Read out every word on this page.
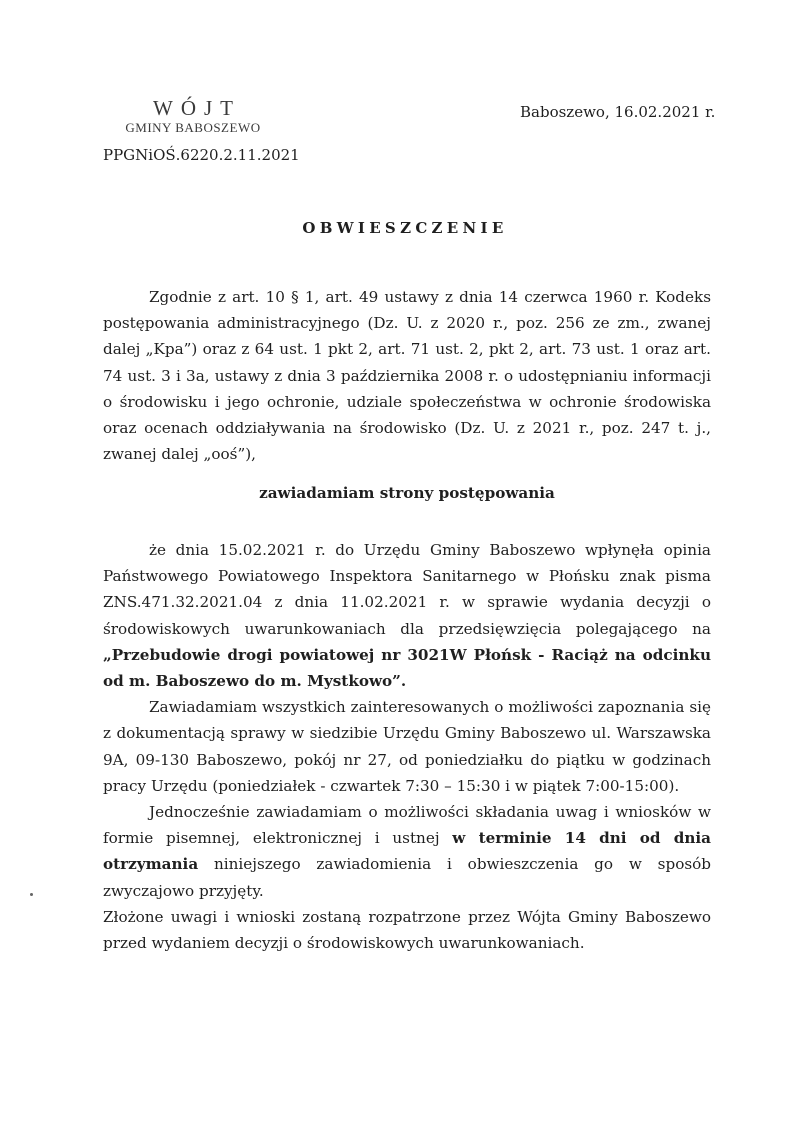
WÓJT
GMINY BABOSZEWO
Baboszewo, 16.02.2021 r.
PPGNiOŚ.6220.2.11.2021
OBWIESZCZENIE

Zgodnie z art. 10 § 1, art. 49 ustawy z dnia 14 czerwca 1960 r. Kodeks postępowania administracyjnego (Dz. U. z 2020 r., poz. 256 ze zm., zwanej dalej „Kpa”) oraz z 64 ust. 1 pkt 2, art. 71 ust. 2, pkt 2, art. 73 ust. 1 oraz art. 74 ust. 3 i 3a, ustawy z dnia 3 października 2008 r. o udostępnianiu informacji o środowisku i jego ochronie, udziale społeczeństwa w ochronie środowiska oraz ocenach oddziaływania na środowisko (Dz. U. z 2021 r., poz. 247 t. j., zwanej dalej „ooś”),

zawiadamiam strony postępowania

że dnia 15.02.2021 r. do Urzędu Gminy Baboszewo wpłynęła opinia Państwowego Powiatowego Inspektora Sanitarnego w Płońsku znak pisma ZNS.471.32.2021.04 z dnia 11.02.2021 r. w sprawie wydania decyzji o środowiskowych uwarunkowaniach dla przedsięwzięcia polegającego na „Przebudowie drogi powiatowej nr 3021W Płońsk - Raciąż na odcinku od m. Baboszewo do m. Mystkowo”.

Zawiadamiam wszystkich zainteresowanych o możliwości zapoznania się z dokumentacją sprawy w siedzibie Urzędu Gminy Baboszewo ul. Warszawska 9A, 09-130 Baboszewo, pokój nr 27, od poniedziałku do piątku w godzinach pracy Urzędu (poniedziałek - czwartek 7:30 – 15:30 i w piątek 7:00-15:00).

Jednocześnie zawiadamiam o możliwości składania uwag i wniosków w formie pisemnej, elektronicznej i ustnej w terminie 14 dni od dnia otrzymania niniejszego zawiadomienia i obwieszczenia go w sposób zwyczajowo przyjęty.

Złożone uwagi i wnioski zostaną rozpatrzone przez Wójta Gminy Baboszewo przed wydaniem decyzji o środowiskowych uwarunkowaniach.
